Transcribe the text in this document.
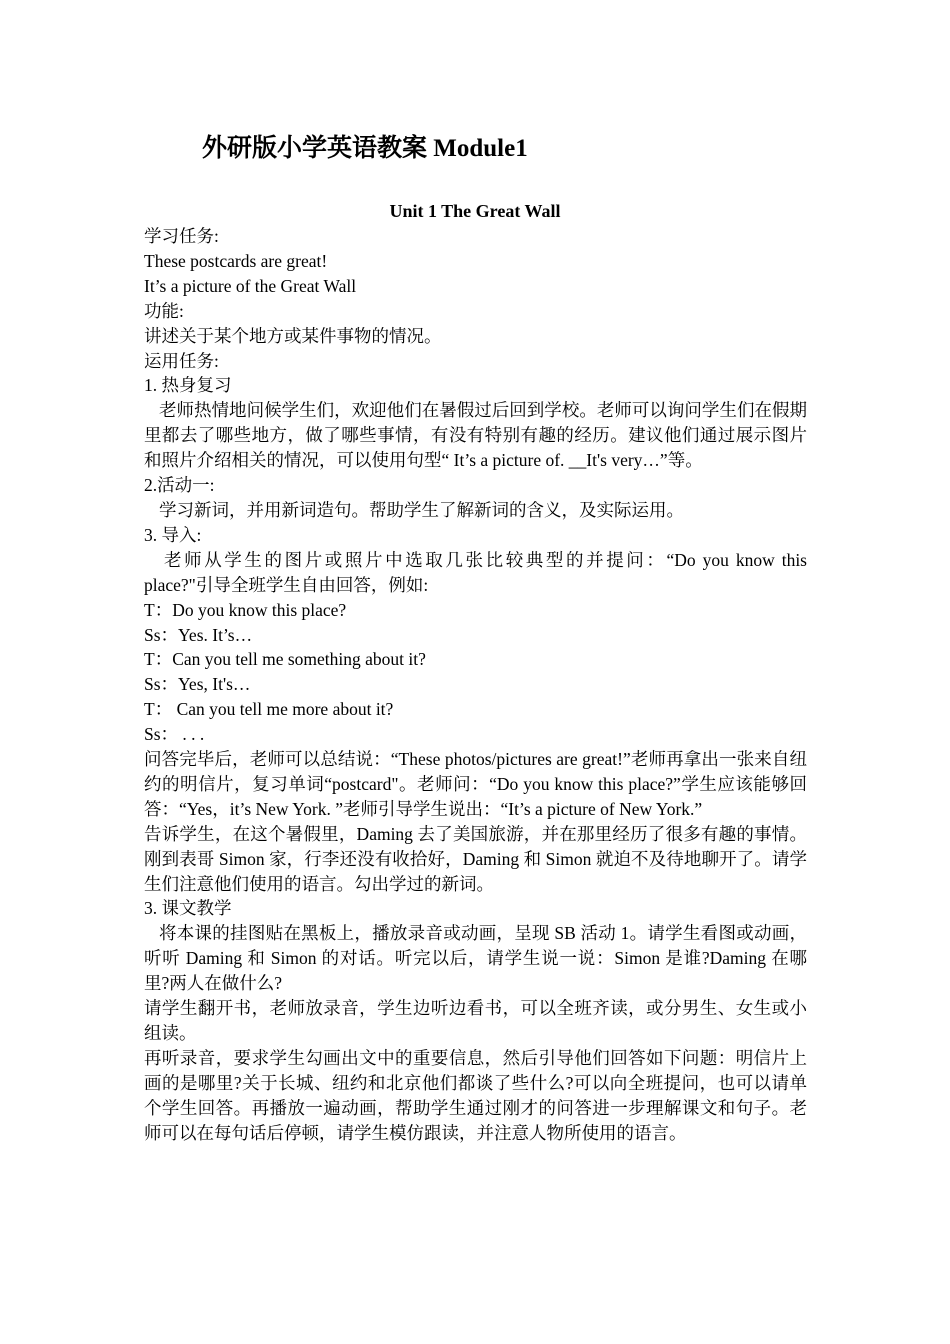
外研版小学英语教案 Module1
Unit 1 The Great Wall

学习任务:

These postcards are great!

It’s a picture of the Great Wall

功能:

讲述关于某个地方或某件事物的情况。

运用任务:

1. 热身复习

老师热情地问候学生们，欢迎他们在暑假过后回到学校。老师可以询问学生们在假期里都去了哪些地方，做了哪些事情，有没有特别有趣的经历。建议他们通过展示图片和照片介绍相关的情况，可以使用句型“ It’s a picture of. __It's very…”等。

2.活动一:

学习新词，并用新词造句。帮助学生了解新词的含义，及实际运用。

3. 导入:

老师从学生的图片或照片中选取几张比较典型的并提问：“Do you know this place?"引导全班学生自由回答，例如:

T：Do you know this place?

Ss：Yes. It’s…

T：Can you tell me something about it?

Ss：Yes, It's…

T： Can you tell me more about it?

Ss： . . .

问答完毕后，老师可以总结说：“These photos/pictures are great!”老师再拿出一张来自纽约的明信片，复习单词“postcard"。老师问：“Do you know this place?”学生应该能够回答：“Yes，it’s New York. ”老师引导学生说出：“It’s a picture of New York.”

告诉学生，在这个暑假里，Daming 去了美国旅游，并在那里经历了很多有趣的事情。刚到表哥 Simon 家，行李还没有收拾好，Daming 和 Simon 就迫不及待地聊开了。请学生们注意他们使用的语言。勾出学过的新词。

3. 课文教学

将本课的挂图贴在黑板上，播放录音或动画，呈现 SB 活动 1。请学生看图或动画，听听 Daming 和 Simon 的对话。听完以后，请学生说一说：Simon 是谁?Daming 在哪里?两人在做什么?

请学生翻开书，老师放录音，学生边听边看书，可以全班齐读，或分男生、女生或小组读。

再听录音，要求学生勾画出文中的重要信息，然后引导他们回答如下问题：明信片上画的是哪里?关于长城、纽约和北京他们都谈了些什么?可以向全班提问，也可以请单个学生回答。再播放一遍动画，帮助学生通过刚才的问答进一步理解课文和句子。老师可以在每句话后停顿，请学生模仿跟读，并注意人物所使用的语言。
